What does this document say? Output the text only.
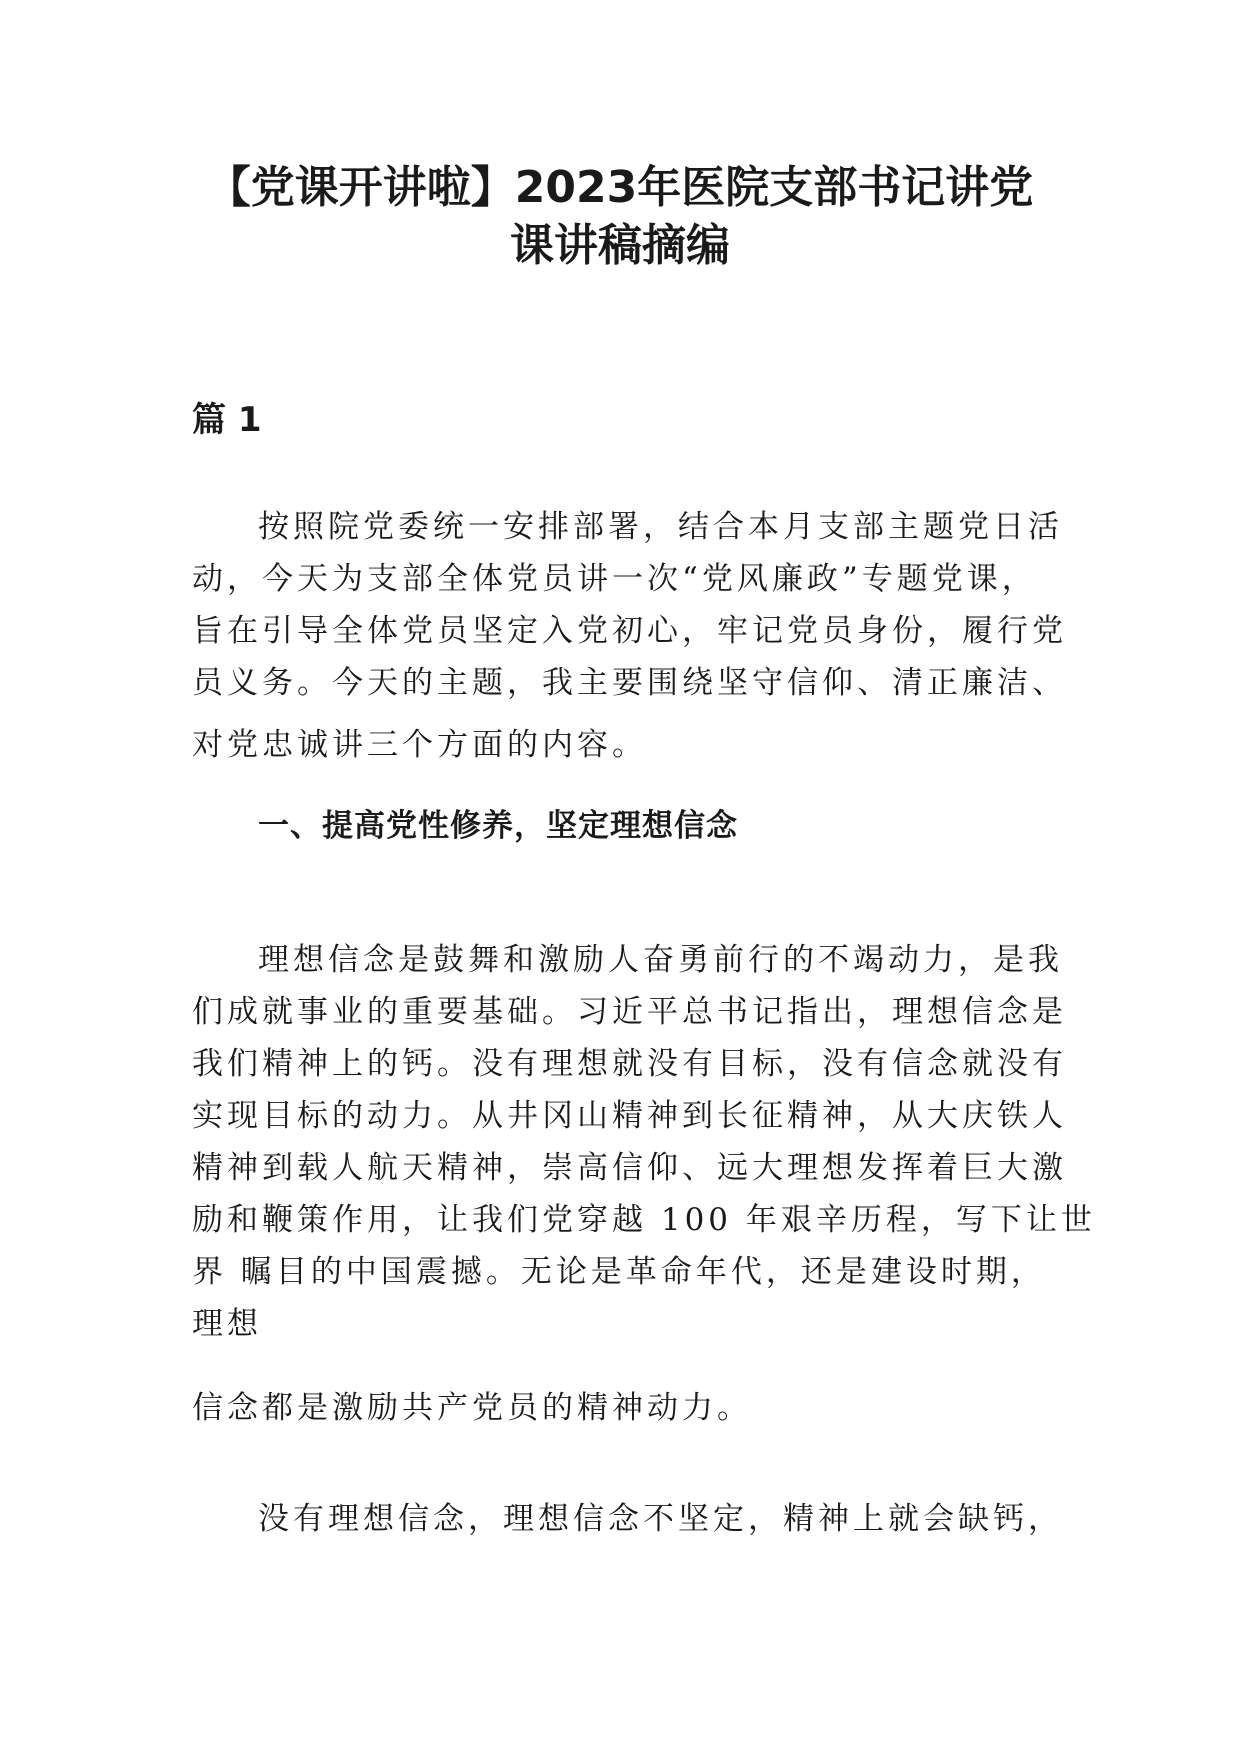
【党课开讲啦】2023年医院支部书记讲党
课讲稿摘编
篇 1

按照院党委统一安排部署，结合本月支部主题党日活

动，今天为支部全体党员讲一次“党风廉政”专题党课，

旨在引导全体党员坚定入党初心，牢记党员身份，履行党

员义务。今天的主题，我主要围绕坚守信仰、清正廉洁、

对党忠诚讲三个方面的内容。

一、提高党性修养，坚定理想信念

理想信念是鼓舞和激励人奋勇前行的不竭动力，是我

们成就事业的重要基础。习近平总书记指出，理想信念是

我们精神上的钙。没有理想就没有目标，没有信念就没有

实现目标的动力。从井冈山精神到长征精神，从大庆铁人

精神到载人航天精神，崇高信仰、远大理想发挥着巨大激

励和鞭策作用，让我们党穿越 100 年艰辛历程，写下让世

界 瞩目的中国震撼。无论是革命年代，还是建设时期，

理想

信念都是激励共产党员的精神动力。

没有理想信念，理想信念不坚定，精神上就会缺钙，
